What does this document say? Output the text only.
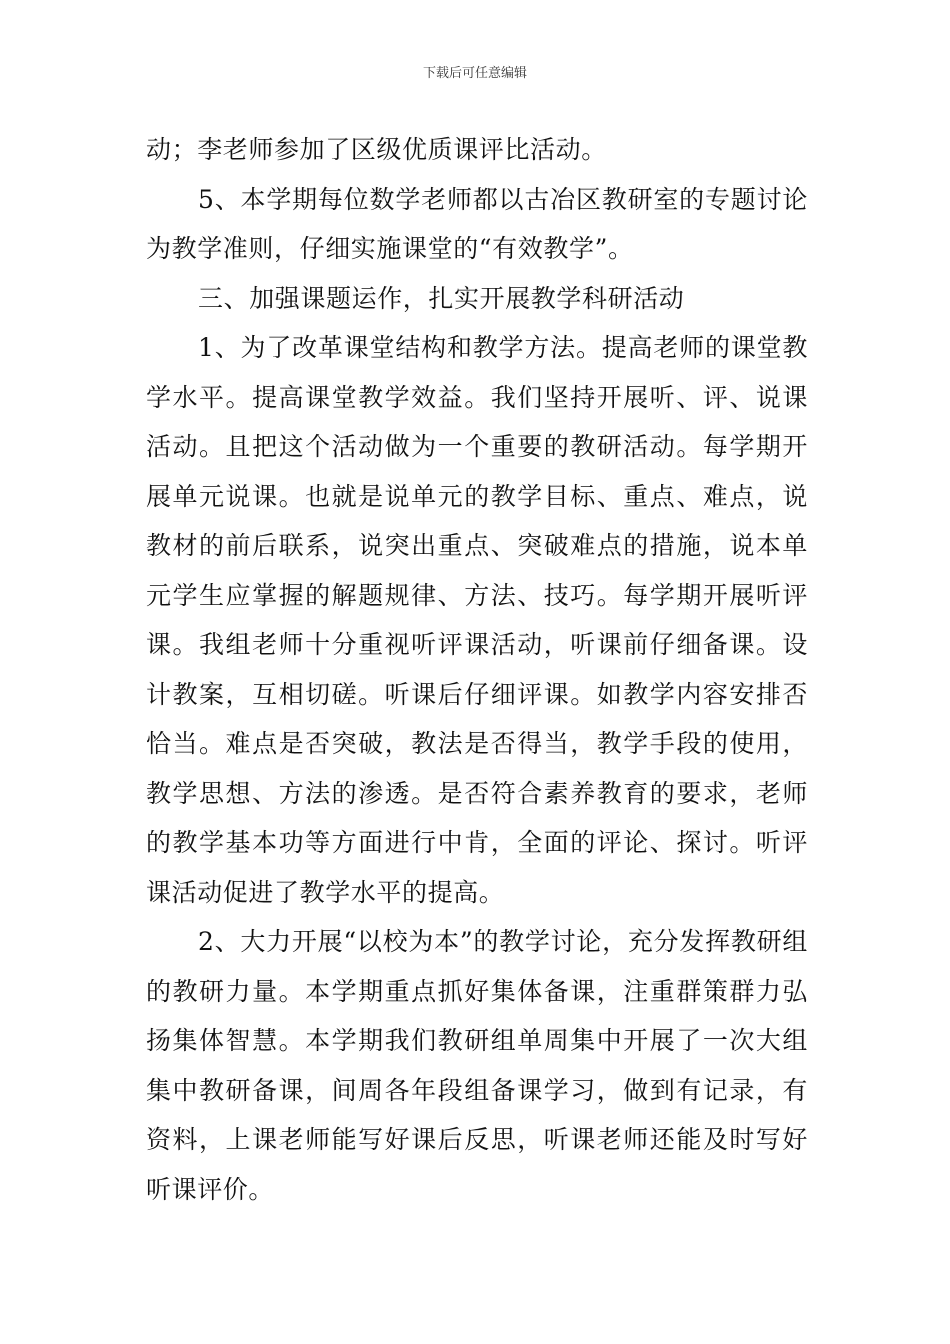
下载后可任意编辑

动；李老师参加了区级优质课评比活动。

5、本学期每位数学老师都以古冶区教研室的专题讨论为教学准则，仔细实施课堂的“有效教学”。

三、加强课题运作，扎实开展教学科研活动

1、为了改革课堂结构和教学方法。提高老师的课堂教学水平。提高课堂教学效益。我们坚持开展听、评、说课活动。且把这个活动做为一个重要的教研活动。每学期开展单元说课。也就是说单元的教学目标、重点、难点，说教材的前后联系，说突出重点、突破难点的措施，说本单元学生应掌握的解题规律、方法、技巧。每学期开展听评课。我组老师十分重视听评课活动，听课前仔细备课。设计教案，互相切磋。听课后仔细评课。如教学内容安排否恰当。难点是否突破，教法是否得当，教学手段的使用，教学思想、方法的渗透。是否符合素养教育的要求，老师的教学基本功等方面进行中肯，全面的评论、探讨。听评课活动促进了教学水平的提高。

2、大力开展“以校为本”的教学讨论，充分发挥教研组的教研力量。本学期重点抓好集体备课，注重群策群力弘扬集体智慧。本学期我们教研组单周集中开展了一次大组集中教研备课，间周各年段组备课学习，做到有记录，有资料，上课老师能写好课后反思，听课老师还能及时写好听课评价。
